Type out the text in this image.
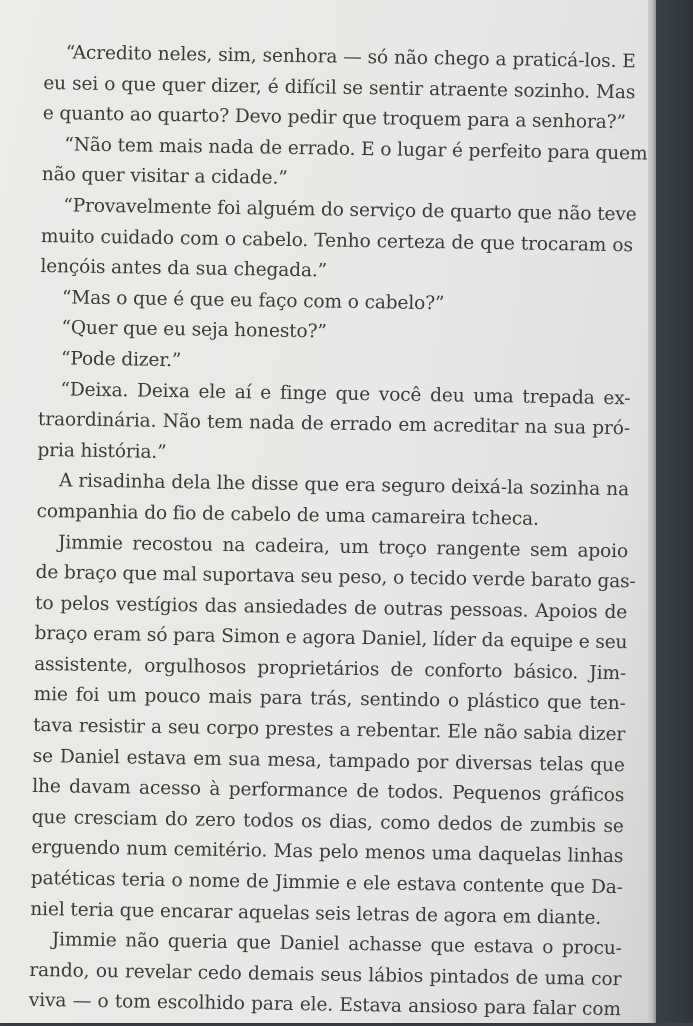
“Acredito neles, sim, senhora — só não chego a praticá-los. E
eu sei o que quer dizer, é difícil se sentir atraente sozinho. Mas
e quanto ao quarto? Devo pedir que troquem para a senhora?”
“Não tem mais nada de errado. E o lugar é perfeito para quem
não quer visitar a cidade.”
“Provavelmente foi alguém do serviço de quarto que não teve
muito cuidado com o cabelo. Tenho certeza de que trocaram os
lençóis antes da sua chegada.”
“Mas o que é que eu faço com o cabelo?”
“Quer que eu seja honesto?”
“Pode dizer.”
“Deixa. Deixa ele aí e finge que você deu uma trepada ex-
traordinária. Não tem nada de errado em acreditar na sua pró-
pria história.”
A risadinha dela lhe disse que era seguro deixá-la sozinha na
companhia do fio de cabelo de uma camareira tcheca.
Jimmie recostou na cadeira, um troço rangente sem apoio
de braço que mal suportava seu peso, o tecido verde barato gas-
to pelos vestígios das ansiedades de outras pessoas. Apoios de
braço eram só para Simon e agora Daniel, líder da equipe e seu
assistente, orgulhosos proprietários de conforto básico. Jim-
mie foi um pouco mais para trás, sentindo o plástico que ten-
tava resistir a seu corpo prestes a rebentar. Ele não sabia dizer
se Daniel estava em sua mesa, tampado por diversas telas que
lhe davam acesso à performance de todos. Pequenos gráficos
que cresciam do zero todos os dias, como dedos de zumbis se
erguendo num cemitério. Mas pelo menos uma daquelas linhas
patéticas teria o nome de Jimmie e ele estava contente que Da-
niel teria que encarar aquelas seis letras de agora em diante.
Jimmie não queria que Daniel achasse que estava o procu-
rando, ou revelar cedo demais seus lábios pintados de uma cor
viva — o tom escolhido para ele. Estava ansioso para falar com
